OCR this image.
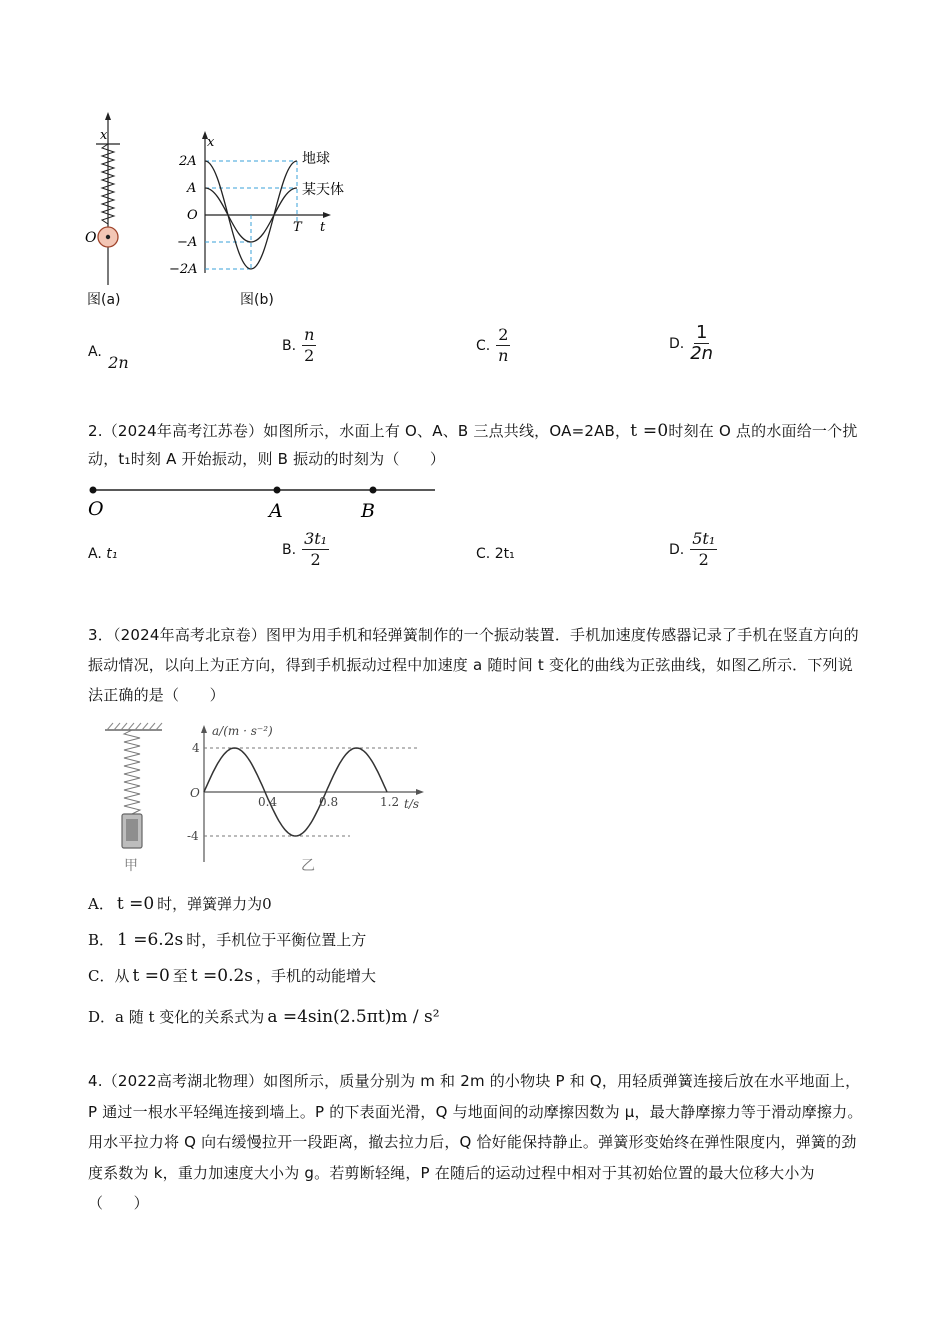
x
O
图(a)
x
2A
A
O
−A
−2A
T t
地球
某天体
图(b)
A. 2n
B. $\frac{n}{2}$	C. $\frac{2}{n}$	D. $\frac{1}{2n}$
2.（2024年高考江苏卷）如图所示，水面上有 O、A、B 三点共线，OA=2AB，t =0时刻在 O 点的水面给一个扰动，t₁时刻 A 开始振动，则 B 振动的时刻为（　　）
O	A	B
A. t₁	B. $\frac{\text{3t₁}}{2}$	C. 2t₁	D. $\frac{\text{5t₁}}{2}$
3．（2024年高考北京卷）图甲为用手机和轻弹簧制作的一个振动装置．手机加速度传感器记录了手机在竖直方向的振动情况，以向上为正方向，得到手机振动过程中加速度 a 随时间 t 变化的曲线为正弦曲线，如图乙所示．下列说法正确的是（　　）
甲
a/(m · s⁻²)
t/s
O
4
-4
0.4	0.8	1.2
乙
A． t =0 时，弹簧弹力为0
B． 1 =6.2s 时，手机位于平衡位置上方
C．从 t =0 至 t =0.2s ，手机的动能增大
D．a 随 t 变化的关系式为 a =4sin(2.5πt)m / s²
4.（2022高考湖北物理）如图所示，质量分别为 m 和 2m 的小物块 P 和 Q，用轻质弹簧连接后放在水平地面上，P 通过一根水平轻绳连接到墙上。P 的下表面光滑，Q 与地面间的动摩擦因数为 μ，最大静摩擦力等于滑动摩擦力。用水平拉力将 Q 向右缓慢拉开一段距离，撤去拉力后，Q 恰好能保持静止。弹簧形变始终在弹性限度内，弹簧的劲度系数为 k，重力加速度大小为 g。若剪断轻绳，P 在随后的运动过程中相对于其初始位置的最大位移大小为（　　）
